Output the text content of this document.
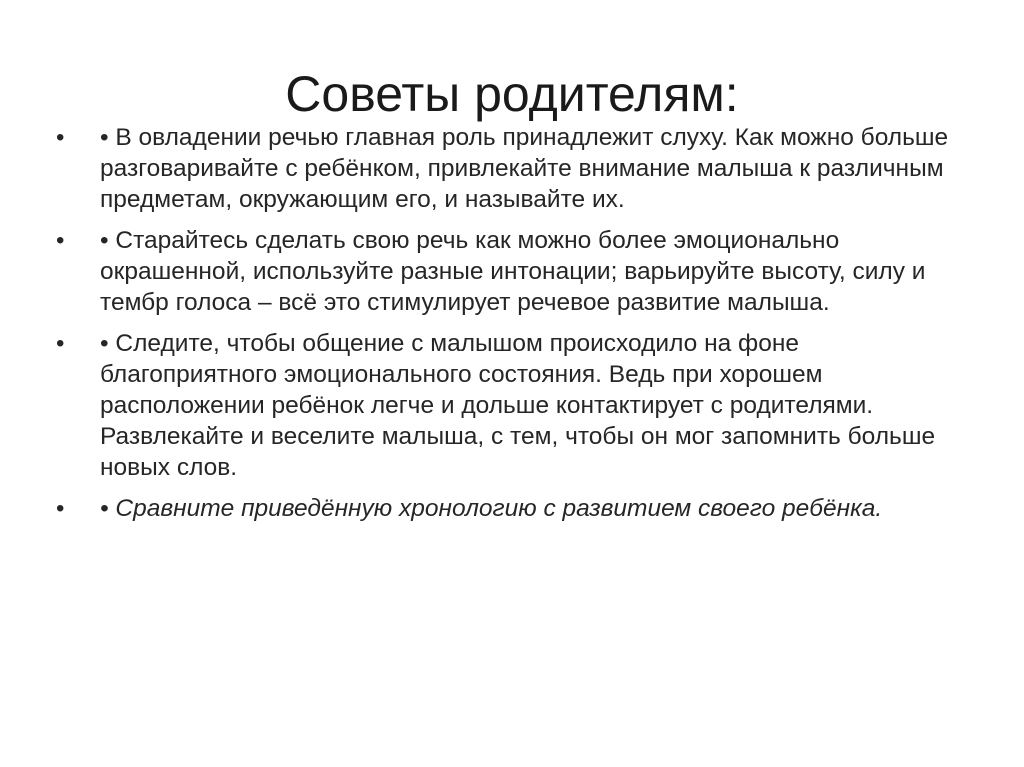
Советы родителям:
•	• В овладении речью главная роль принадлежит слуху. Как можно больше разговаривайте с ребёнком, привлекайте внимание малыша к различным предметам, окружающим его, и называйте их.
•	• Старайтесь сделать свою речь как можно более эмоционально окрашенной, используйте разные интонации; варьируйте высоту, силу и тембр голоса – всё это стимулирует речевое развитие малыша.
•	• Следите, чтобы общение с малышом происходило на фоне благоприятного эмоционального состояния. Ведь при хорошем расположении ребёнок легче и дольше контактирует с родителями. Развлекайте и веселите малыша, с тем, чтобы он мог запомнить больше новых слов.
•	• Сравните приведённую хронологию с развитием своего ребёнка.
